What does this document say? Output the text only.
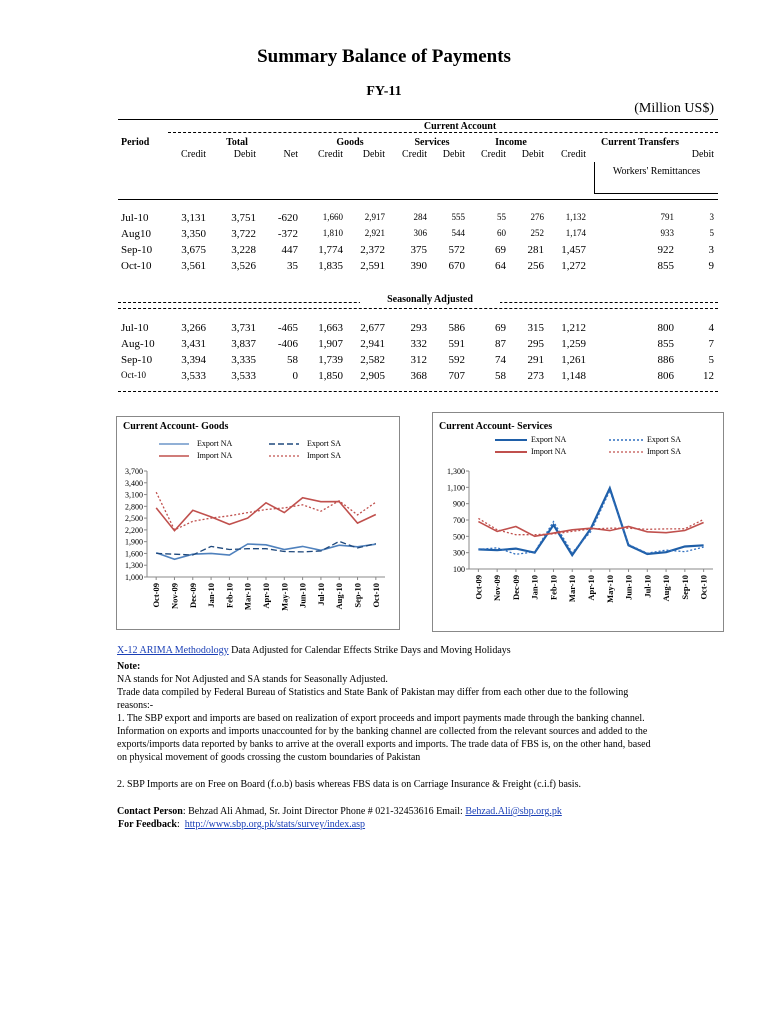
Summary Balance of Payments
FY-11
(Million US$)
Current Account
Period	Total	Goods	Services	Income	Current Transfers
Credit	Debit	Net	Credit	Debit	Credit	Debit	Credit	Debit	Credit	Debit
Workers' Remittances
Jul-10	3,131	3,751	-620	1,660	2,917	284	555	55	276	1,132	791	3
Aug10	3,350	3,722	-372	1,810	2,921	306	544	60	252	1,174	933	5
Sep-10	3,675	3,228	447	1,774	2,372	375	572	69	281	1,457	922	3
Oct-10	3,561	3,526	35	1,835	2,591	390	670	64	256	1,272	855	9
Seasonally Adjusted
Jul-10	3,266	3,731	-465	1,663	2,677	293	586	69	315	1,212	800	4
Aug-10	3,431	3,837	-406	1,907	2,941	332	591	87	295	1,259	855	7
Sep-10	3,394	3,335	58	1,739	2,582	312	592	74	291	1,261	886	5
Oct-10	3,533	3,533	0	1,850	2,905	368	707	58	273	1,148	806	12
Current Account- Goods
Export NA	Export SA
Import NA	Import SA
3,700
3,400
3,100
2,800
2,500
2,200
1,900
1,600
1,300
1,000
Oct-09 Nov-09 Dec-09 Jan-10 Feb-10 Mar-10 Apr-10 May-10 Jun-10 Jul-10 Aug-10 Sep-10 Oct-10
Current Account- Services
Export NA	Export SA
Import NA	Import SA
1,300
1,100
900
700
500
300
100
Oct-09 Nov-09 Dec-09 Jan-10 Feb-10 Mar-10 Apr-10 May-10 Jun-10 Jul-10 Aug-10 Sep-10 Oct-10
X-12 ARIMA Methodology Data Adjusted for Calendar Effects Strike Days and Moving Holidays
Note:
NA stands for Not Adjusted and SA stands for Seasonally Adjusted.
Trade data compiled by Federal Bureau of Statistics and State Bank of Pakistan may differ from each other due to the following reasons:-
1. The SBP export and imports are based on realization of export proceeds and import payments made through the banking channel. Information on exports and imports unaccounted for by the banking channel are collected from the relevant sources and added to the exports/imports data reported by banks to arrive at the overall exports and imports. The trade data of FBS is, on the other hand, based on physical movement of goods crossing the custom boundaries of Pakistan
2. SBP Imports are on Free on Board (f.o.b) basis whereas FBS data is on Carriage Insurance & Freight (c.i.f) basis.
Contact Person: Behzad Ali Ahmad, Sr. Joint Director Phone # 021-32453616 Email: Behzad.Ali@sbp.org.pk
For Feedback:  http://www.sbp.org.pk/stats/survey/index.asp
